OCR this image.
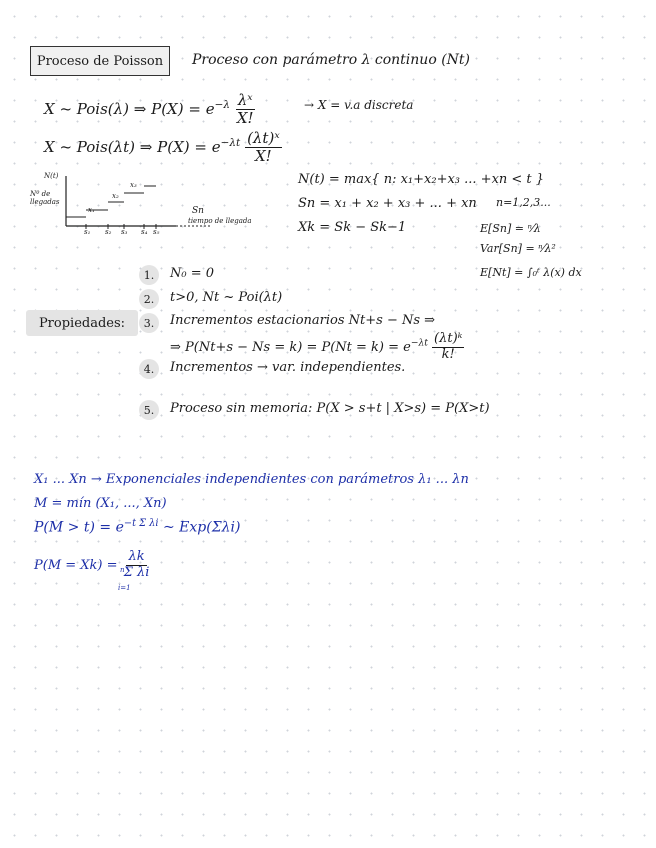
Proceso de Poisson Proceso con parámetro λ continuo (Nt)
X ~ Pois(λ) ⇒ $P(X) = e^{-\lambda} \frac{\text{λˣ}}{X!}$	→ X = v.a discreta
X ~ Pois(λt) ⇒ $P(X) = e^{-\lambda t} \frac{\text{(λt)ˣ}}{X!}$
N(t)
Nº de
llegadas
x₁
x₂
x₃
s₁ s₂ s₃ s₄ s₅
Sn
tiempo de llegada
N(t) = max{ n: x₁+x₂+x₃ ... +xn < t }
Sn = x₁ + x₂ + x₃ + ... + xn n=1,2,3...
Xk = Sk − Sk−1	E[Sn] = ⁿ⁄λ
Var[Sn] = ⁿ⁄λ²
E[Nt] = ∫₀ᵗ λ(x) dx
Propiedades:
1.	N₀ = 0
2.	t>0, Nt ~ Poi(λt)
3.	Incrementos estacionarios Nt+s − Ns ⇒
⇒ $P(Nt+s - Ns = k) = P(Nt = k) = e^{-\lambda t} \frac{\text{(λt)ᵏ}}{k!}$
4.	Incrementos → var. independientes.
5.	Proceso sin memoria: P(X > s+t | X>s) = P(X>t)
X₁ ... Xn → Exponenciales independientes con parámetros λ₁ ... λn
M = mín (X₁, ..., Xn)
$P(M > t) = e^{-t \Sigma \lambda i}$ ~ Exp(Σλi)
$P(M = Xk) = \frac{\lambda k}{\text{Σ λi}}$
n
i=1
